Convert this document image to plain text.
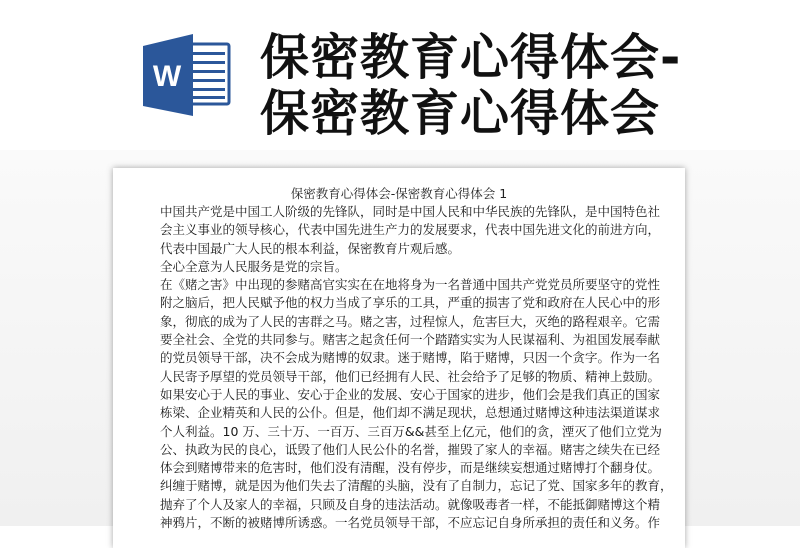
W 保密教育心得体会-
保密教育心得体会
保密教育心得体会-保密教育心得体会 1
中国共产党是中国工人阶级的先锋队，同时是中国人民和中华民族的先锋队，是中国特色社
会主义事业的领导核心，代表中国先进生产力的发展要求，代表中国先进文化的前进方向，
代表中国最广大人民的根本利益，保密教育片观后感。
全心全意为人民服务是党的宗旨。
在《赌之害》中出现的参赌高官实实在在地将身为一名普通中国共产党党员所要坚守的党性
附之脑后，把人民赋予他的权力当成了享乐的工具，严重的损害了党和政府在人民心中的形
象，彻底的成为了人民的害群之马。赌之害，过程惊人，危害巨大，灭绝的路程艰辛。它需
要全社会、全党的共同参与。赌害之起贪任何一个踏踏实实为人民谋福利、为祖国发展奉献
的党员领导干部，决不会成为赌博的奴隶。迷于赌博，陷于赌博，只因一个贪字。作为一名
人民寄予厚望的党员领导干部，他们已经拥有人民、社会给予了足够的物质、精神上鼓励。
如果安心于人民的事业、安心于企业的发展、安心于国家的进步，他们会是我们真正的国家
栋梁、企业精英和人民的公仆。但是，他们却不满足现状，总想通过赌博这种违法渠道谋求
个人利益。10 万、三十万、一百万、三百万&&甚至上亿元，他们的贪，湮灭了他们立党为
公、执政为民的良心，诋毁了他们人民公仆的名誉，摧毁了家人的幸福。赌害之续失在已经
体会到赌博带来的危害时，他们没有清醒，没有停步，而是继续妄想通过赌博打个翻身仗。
纠缠于赌博，就是因为他们失去了清醒的头脑，没有了自制力，忘记了党、国家多年的教育，
抛弃了个人及家人的幸福，只顾及自身的违法活动。就像吸毒者一样，不能抵御赌博这个精
神鸦片，不断的被赌博所诱惑。一名党员领导干部，不应忘记自身所承担的责任和义务。作
